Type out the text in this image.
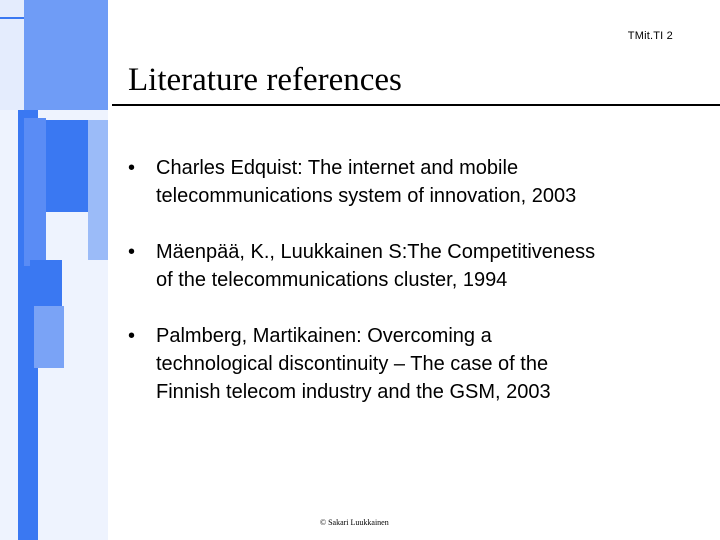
TMit.TI 2
Literature references
•	Charles Edquist: The internet and mobile
telecommunications system of innovation, 2003
•	Mäenpää, K., Luukkainen S:The Competitiveness
of the telecommunications cluster, 1994
•	Palmberg, Martikainen: Overcoming a
technological discontinuity – The case of the
Finnish telecom industry and the GSM, 2003
© Sakari Luukkainen
